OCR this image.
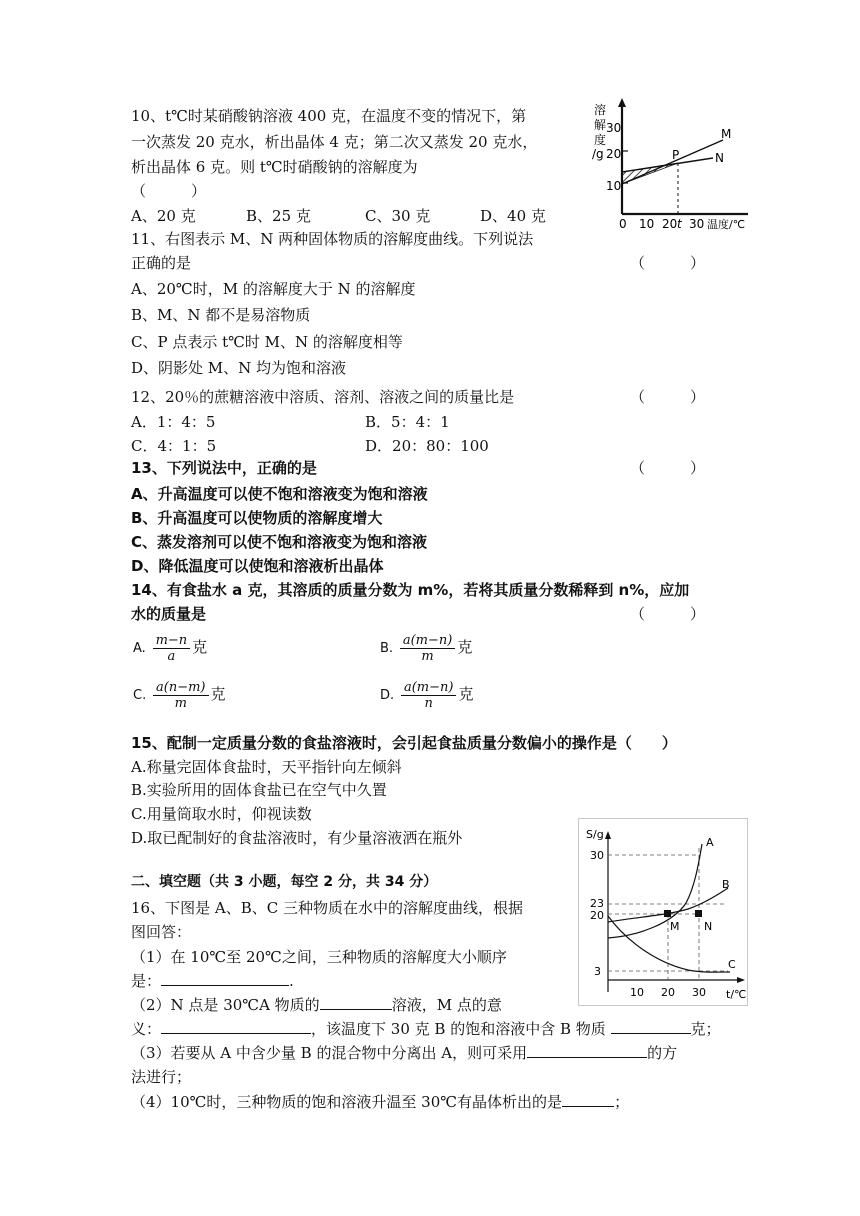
10、t℃时某硝酸钠溶液 400 克，在温度不变的情况下，第
一次蒸发 20 克水，析出晶体 4 克；第二次又蒸发 20 克水，
析出晶体 6 克。则 t℃时硝酸钠的溶解度为
（　　　）
A、20 克	B、25 克	C、30 克	D、40 克
溶
解
度
/g
30
20
10
0 10 20 t 30 温度/℃
M
N
P
11、右图表示 M、N 两种固体物质的溶解度曲线。下列说法
正确的是	（　　　）
A、20℃时，M 的溶解度大于 N 的溶解度
B、M、N 都不是易溶物质
C、P 点表示 t℃时 M、N 的溶解度相等
D、阴影处 M、N 均为饱和溶液
12、20％的蔗糖溶液中溶质、溶剂、溶液之间的质量比是	（　　　）
A．1：4：5	B．5：4：1
C．4：1：5	D．20：80：100
13、下列说法中，正确的是	（　　　）
A、升高温度可以使不饱和溶液变为饱和溶液
B、升高温度可以使物质的溶解度增大
C、蒸发溶剂可以使不饱和溶液变为饱和溶液
D、降低温度可以使饱和溶液析出晶体
14、有食盐水 a 克，其溶质的质量分数为 m%，若将其质量分数稀释到 n%，应加
水的质量是	（　　　）
A. $\frac{m-n}{a}$ 克	B. $\frac{a(m-n)}{m}$ 克
C. $\frac{a(n-m)}{m}$ 克	D. $\frac{a(m-n)}{n}$ 克
15、配制一定质量分数的食盐溶液时，会引起食盐质量分数偏小的操作是（　　）
A.称量完固体食盐时，天平指针向左倾斜
B.实验所用的固体食盐已在空气中久置
C.用量筒取水时，仰视读数
D.取已配制好的食盐溶液时，有少量溶液洒在瓶外	S/g
30
23
20
3
10 20 30 t/℃
A
B
C
M N
二、填空题（共 3 小题，每空 2 分，共 34 分）
16、下图是 A、B、C 三种物质在水中的溶解度曲线，根据
图回答：
（1）在 10℃至 20℃之间，三种物质的溶解度大小顺序
是：	.
（2）N 点是 30℃A 物质的	溶液，M 点的意
义：	，该温度下 30 克 B 的饱和溶液中含 B 物质	克；
（3）若要从 A 中含少量 B 的混合物中分离出 A，则可采用	的方
法进行；
（4）10℃时，三种物质的饱和溶液升温至 30℃有晶体析出的是	；
